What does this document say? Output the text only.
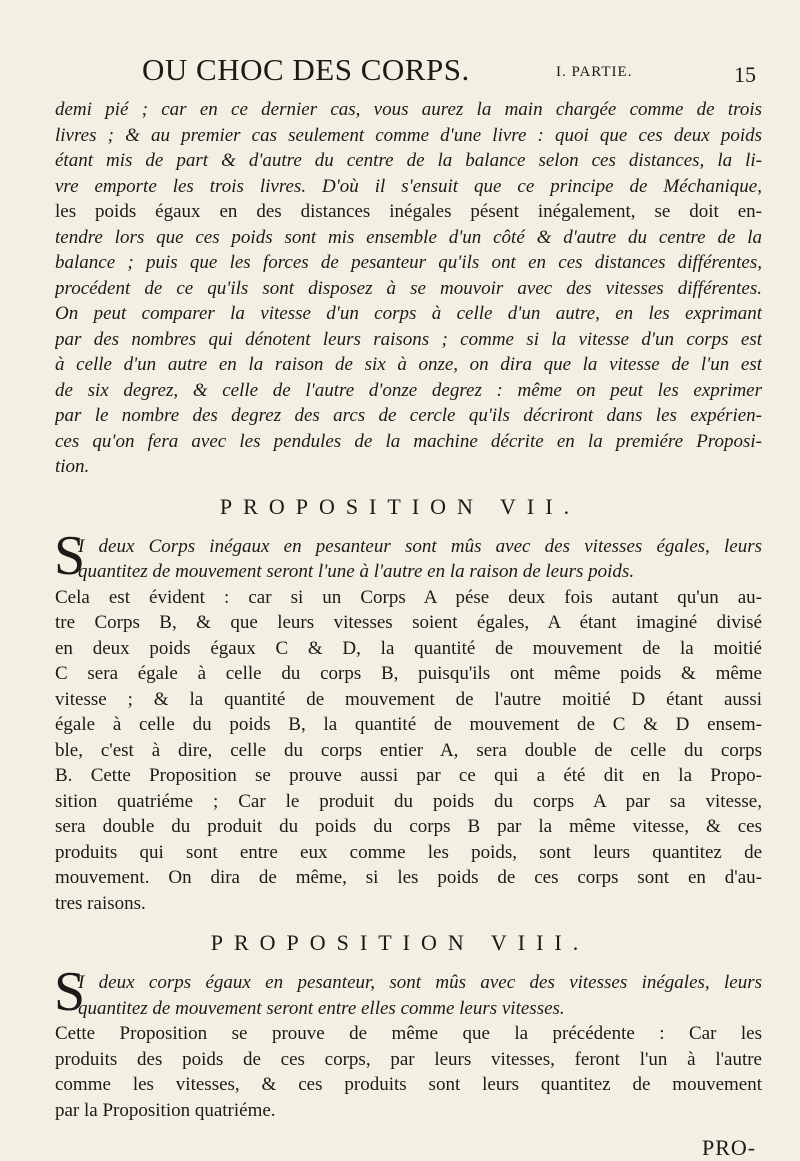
OU CHOC DES CORPS.	I. PARTIE.	15
demi pié ; car en ce dernier cas, vous aurez la main chargée comme de trois
livres ; & au premier cas seulement comme d'une livre : quoi que ces deux poids
étant mis de part & d'autre du centre de la balance selon ces distances, la li-
vre emporte les trois livres. D'où il s'ensuit que ce principe de Méchanique,
les poids égaux en des distances inégales pésent inégalement, se doit en-
tendre lors que ces poids sont mis ensemble d'un côté & d'autre du centre de la
balance ; puis que les forces de pesanteur qu'ils ont en ces distances différentes,
procédent de ce qu'ils sont disposez à se mouvoir avec des vitesses différentes.
On peut comparer la vitesse d'un corps à celle d'un autre, en les exprimant
par des nombres qui dénotent leurs raisons ; comme si la vitesse d'un corps est
à celle d'un autre en la raison de six à onze, on dira que la vitesse de l'un est
de six degrez, & celle de l'autre d'onze degrez : même on peut les exprimer
par le nombre des degrez des arcs de cercle qu'ils décriront dans les expérien-
ces qu'on fera avec les pendules de la machine décrite en la premiére Proposi-
tion.
PROPOSITION VII.
S
I deux Corps inégaux en pesanteur sont mûs avec des vitesses égales, leurs
quantitez de mouvement seront l'une à l'autre en la raison de leurs poids.
Cela est évident : car si un Corps A pése deux fois autant qu'un au-
tre Corps B, & que leurs vitesses soient égales, A étant imaginé divisé
en deux poids égaux C & D, la quantité de mouvement de la moitié
C sera égale à celle du corps B, puisqu'ils ont même poids & même
vitesse ; & la quantité de mouvement de l'autre moitié D étant aussi
égale à celle du poids B, la quantité de mouvement de C & D ensem-
ble, c'est à dire, celle du corps entier A, sera double de celle du corps
B. Cette Proposition se prouve aussi par ce qui a été dit en la Propo-
sition quatriéme ; Car le produit du poids du corps A par sa vitesse,
sera double du produit du poids du corps B par la même vitesse, & ces
produits qui sont entre eux comme les poids, sont leurs quantitez de
mouvement. On dira de même, si les poids de ces corps sont en d'au-
tres raisons.
PROPOSITION VIII.
S
I deux corps égaux en pesanteur, sont mûs avec des vitesses inégales, leurs
quantitez de mouvement seront entre elles comme leurs vitesses.
Cette Proposition se prouve de même que la précédente : Car les
produits des poids de ces corps, par leurs vitesses, feront l'un à l'autre
comme les vitesses, & ces produits sont leurs quantitez de mouvement
par la Proposition quatriéme.
PRO-
